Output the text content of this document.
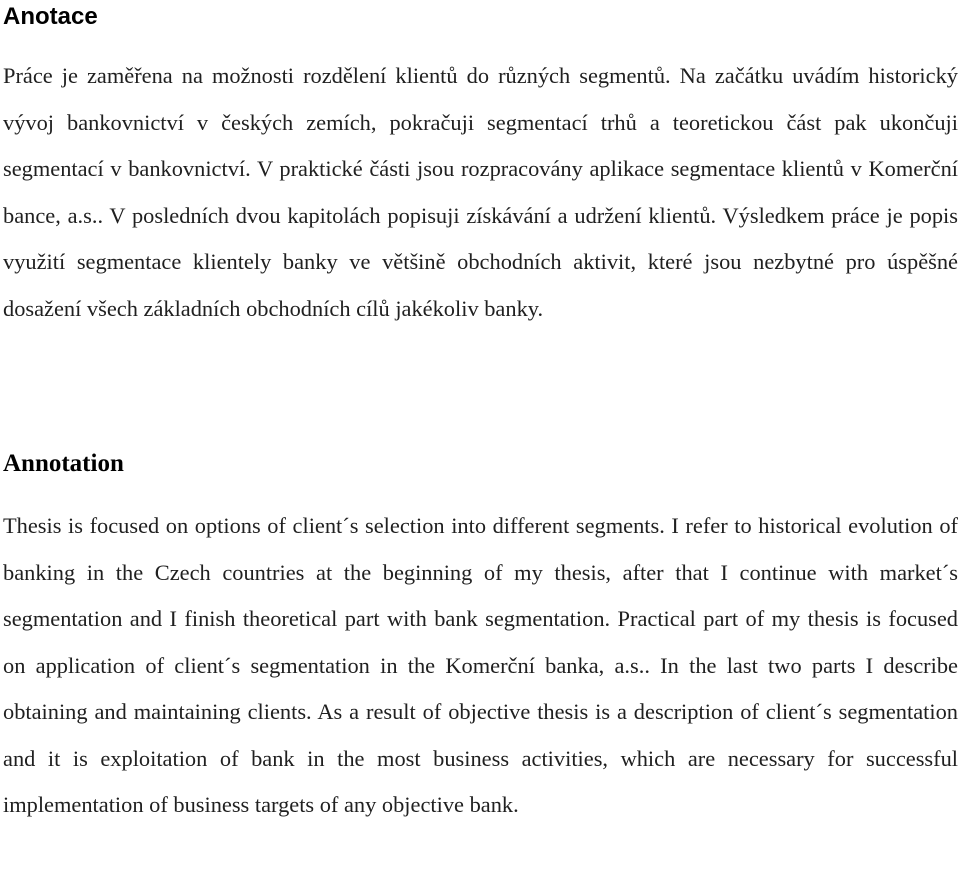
Anotace

Práce je zaměřena na možnosti rozdělení klientů do různých segmentů. Na začátku uvádím historický vývoj bankovnictví v českých zemích, pokračuji segmentací trhů a teoretickou část pak ukončuji segmentací v bankovnictví. V praktické části jsou rozpracovány aplikace segmentace klientů v Komerční bance, a.s.. V posledních dvou kapitolách popisuji získávání a udržení klientů. Výsledkem práce je popis využití segmentace klientely banky ve většině obchodních aktivit, které jsou nezbytné pro úspěšné dosažení všech základních obchodních cílů jakékoliv banky.

Annotation

Thesis is focused on options of client´s selection into different segments. I refer to historical evolution of banking in the Czech countries at the beginning of my thesis, after that I continue with market´s segmentation and I finish theoretical part with bank segmentation. Practical part of my thesis is focused on application of client´s segmentation in the Komerční banka, a.s.. In the last two parts I describe obtaining and maintaining clients. As a result of objective thesis is a description of client´s segmentation and it is exploitation of bank in the most business activities, which are necessary for successful implementation of business targets of any objective bank.
